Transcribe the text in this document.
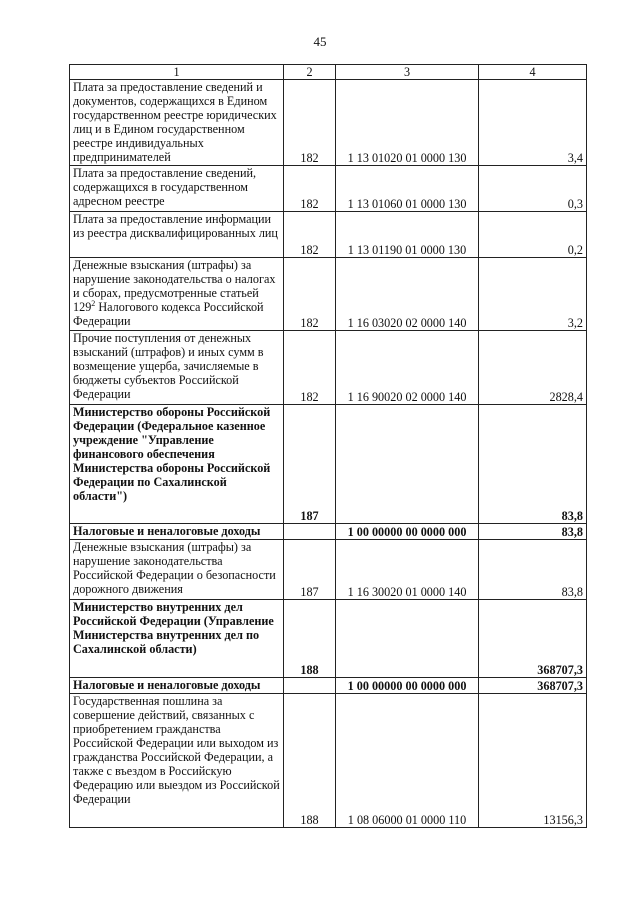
45
1	2	3	4
Плата за предоставление сведений и документов, содержащихся в Едином государственном реестре юридических лиц и в Едином государственном реестре индивидуальных предпринимателей	182	1 13 01020 01 0000 130	3,4
Плата за предоставление сведений, содержащихся в государственном адресном реестре	182	1 13 01060 01 0000 130	0,3
Плата за предоставление информации из реестра дисквалифицированных лиц	182	1 13 01190 01 0000 130	0,2
Денежные взыскания (штрафы) за нарушение законодательства о налогах и сборах, предусмотренные статьей $129^2$ Налогового кодекса Российской Федерации	182	1 16 03020 02 0000 140	3,2
Прочие поступления от денежных взысканий (штрафов) и иных сумм в возмещение ущерба, зачисляемые в бюджеты субъектов Российской Федерации	182	1 16 90020 02 0000 140	2828,4
Министерство обороны Российской Федерации (Федеральное казенное учреждение "Управление финансового обеспечения Министерства обороны Российской Федерации по Сахалинской области")	187		83,8
Налоговые и неналоговые доходы		1 00 00000 00 0000 000	83,8
Денежные взыскания (штрафы) за нарушение законодательства Российской Федерации о безопасности дорожного движения	187	1 16 30020 01 0000 140	83,8
Министерство внутренних дел Российской Федерации (Управление Министерства внутренних дел по Сахалинской области)	188		368707,3
Налоговые и неналоговые доходы		1 00 00000 00 0000 000	368707,3
Государственная пошлина за совершение действий, связанных с приобретением гражданства Российской Федерации или выходом из гражданства Российской Федерации, а также с въездом в Российскую Федерацию или выездом из Российской Федерации	188	1 08 06000 01 0000 110	13156,3
